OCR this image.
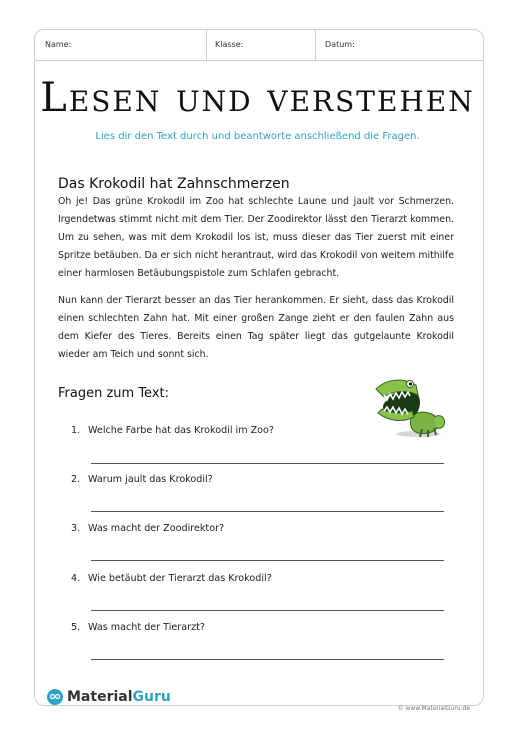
Name:	Klasse:	Datum:
Lesen und verstehen
Lies dir den Text durch und beantworte anschließend die Fragen.
Das Krokodil hat Zahnschmerzen
Oh je! Das grüne Krokodil im Zoo hat schlechte Laune und jault vor Schmerzen. Irgendetwas stimmt nicht mit dem Tier. Der Zoodirektor lässt den Tierarzt kommen. Um zu sehen, was mit dem Krokodil los ist, muss dieser das Tier zuerst mit einer Spritze betäuben. Da er sich nicht herantraut, wird das Krokodil von weitem mithilfe einer harmlosen Betäubungspistole zum Schlafen gebracht.
Nun kann der Tierarzt besser an das Tier herankommen. Er sieht, dass das Krokodil einen schlechten Zahn hat. Mit einer großen Zange zieht er den faulen Zahn aus dem Kiefer des Tieres. Bereits einen Tag später liegt das gutgelaunte Krokodil wieder am Teich und sonnt sich.
Fragen zum Text:
1. Welche Farbe hat das Krokodil im Zoo?
2. Warum jault das Krokodil?
3. Was macht der Zoodirektor?
4. Wie betäubt der Tierarzt das Krokodil?
5. Was macht der Tierarzt?
MaterialGuru
© www.MaterialGuru.de
